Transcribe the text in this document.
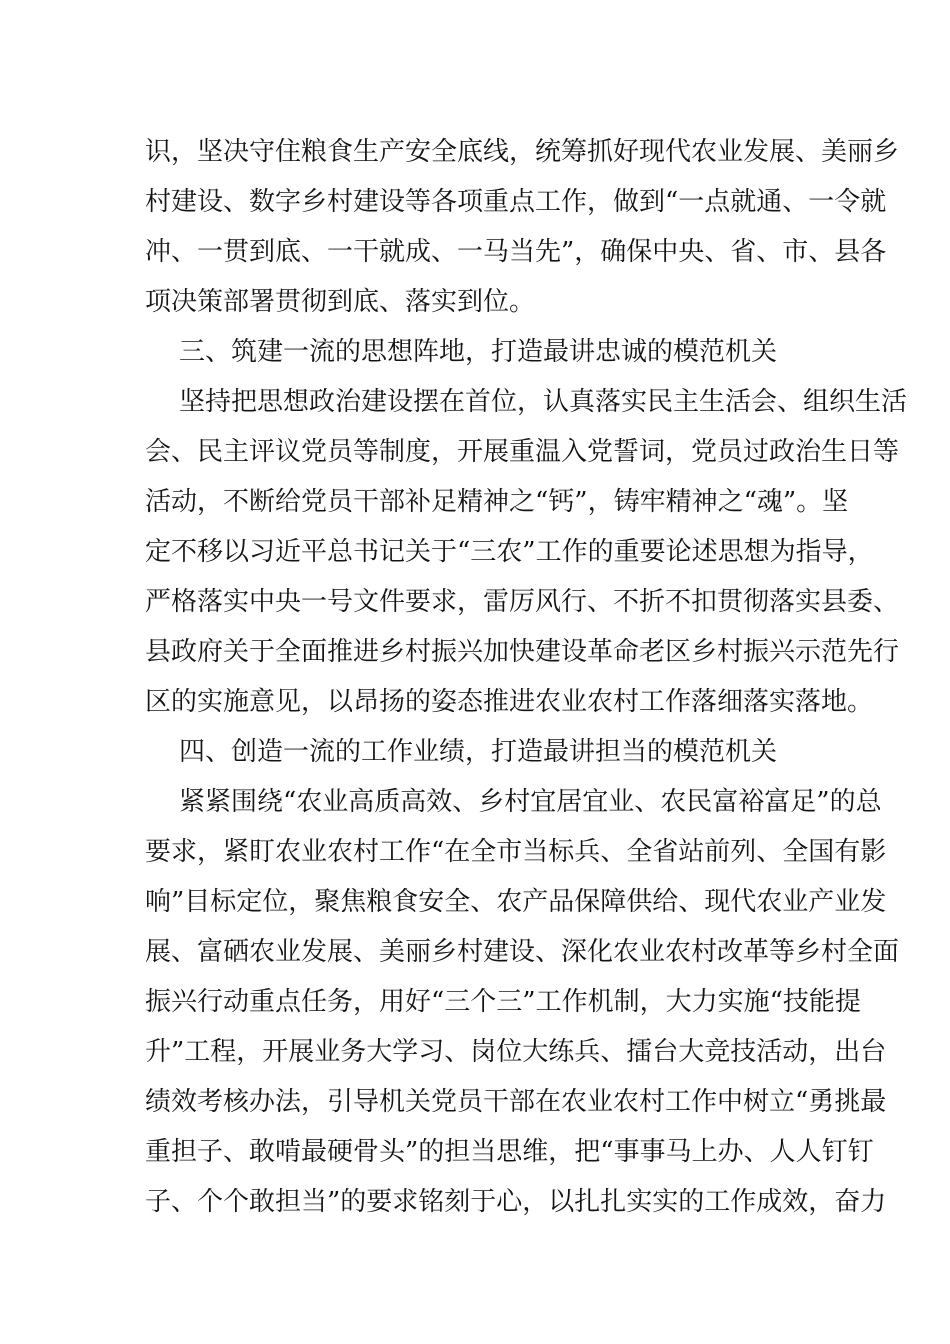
识，坚决守住粮食生产安全底线，统筹抓好现代农业发展、美丽乡
村建设、数字乡村建设等各项重点工作，做到“一点就通、一令就
冲、一贯到底、一干就成、一马当先”，确保中央、省、市、县各
项决策部署贯彻到底、落实到位。
三、筑建一流的思想阵地，打造最讲忠诚的模范机关
坚持把思想政治建设摆在首位，认真落实民主生活会、组织生活
会、民主评议党员等制度，开展重温入党誓词，党员过政治生日等
活动，不断给党员干部补足精神之“钙”，铸牢精神之“魂”。坚
定不移以习近平总书记关于“三农”工作的重要论述思想为指导，
严格落实中央一号文件要求，雷厉风行、不折不扣贯彻落实县委、
县政府关于全面推进乡村振兴加快建设革命老区乡村振兴示范先行
区的实施意见，以昂扬的姿态推进农业农村工作落细落实落地。
四、创造一流的工作业绩，打造最讲担当的模范机关
紧紧围绕“农业高质高效、乡村宜居宜业、农民富裕富足”的总
要求，紧盯农业农村工作“在全市当标兵、全省站前列、全国有影
响”目标定位，聚焦粮食安全、农产品保障供给、现代农业产业发
展、富硒农业发展、美丽乡村建设、深化农业农村改革等乡村全面
振兴行动重点任务，用好“三个三”工作机制，大力实施“技能提
升”工程，开展业务大学习、岗位大练兵、擂台大竞技活动，出台
绩效考核办法，引导机关党员干部在农业农村工作中树立“勇挑最
重担子、敢啃最硬骨头”的担当思维，把“事事马上办、人人钉钉
子、个个敢担当”的要求铭刻于心，以扎扎实实的工作成效，奋力
